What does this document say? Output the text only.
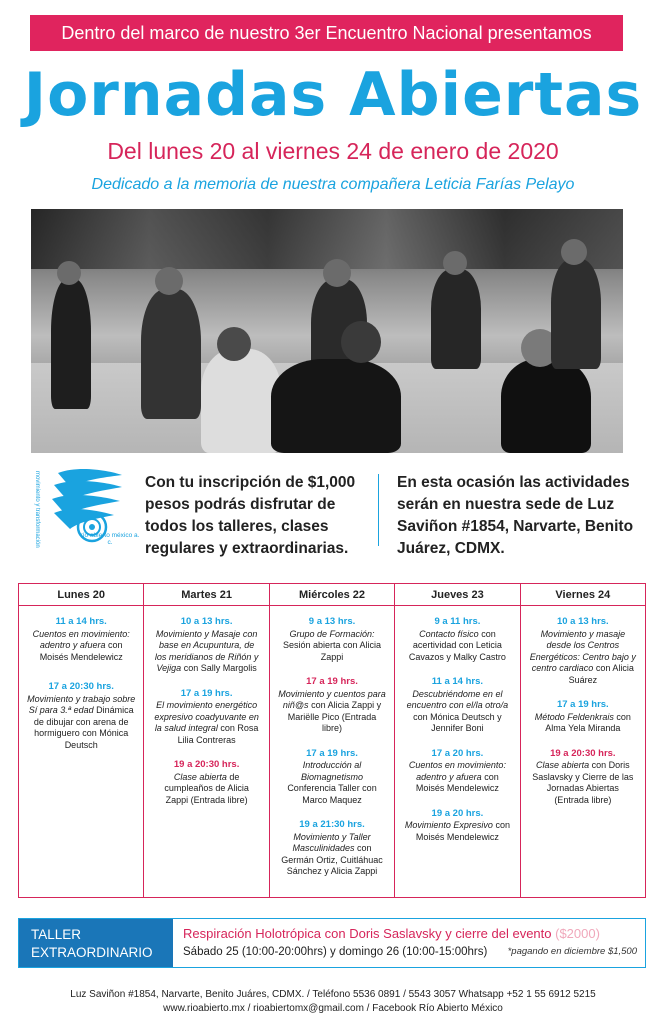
Dentro del marco de nuestro 3er Encuentro Nacional presentamos
Jornadas Abiertas
Del lunes 20 al viernes 24 de enero de 2020
Dedicado a la memoria de nuestra compañera Leticia Farías Pelayo
movimiento y transformación	río abierto méxico a. c.
Con tu inscripción de $1,000 pesos podrás disfrutar de todos los talleres, clases regulares y extraordinarias.
En esta ocasión las actividades serán en nuestra sede de Luz Saviñon #1854, Narvarte, Benito Juárez, CDMX.
Lunes 20
11 a 14 hrs.
Cuentos en movimiento: adentro y afuera con Moisés Mendelewicz
17 a 20:30 hrs.
Movimiento y trabajo sobre Sí para 3.ª edad Dinámica de dibujar con arena de hormiguero con Mónica Deutsch
Martes 21
10 a 13 hrs.
Movimiento y Masaje con base en Acupuntura, de los meridianos de Riñón y Vejiga con Sally Margolis
17 a 19 hrs.
El movimiento energético expresivo coadyuvante en la salud integral con Rosa Lilia Contreras
19 a 20:30 hrs.
Clase abierta de cumpleaños de Alicia Zappi (Entrada libre)
Miércoles 22
9 a 13 hrs.
Grupo de Formación: Sesión abierta con Alicia Zappi
17 a 19 hrs.
Movimiento y cuentos para niñ@s con Alicia Zappi y Mariëlle Pico (Entrada libre)
17 a 19 hrs.
Introducción al Biomagnetismo Conferencia Taller con Marco Maquez
19 a 21:30 hrs.
Movimiento y Taller Masculinidades con Germán Ortiz, Cuitláhuac Sánchez y Alicia Zappi
Jueves 23
9 a 11 hrs.
Contacto físico con acertividad con Leticia Cavazos y Malky Castro
11 a 14 hrs.
Descubriéndome en el encuentro con el/la otro/a con Mónica Deutsch y Jennifer Boni
17 a 20 hrs.
Cuentos en movimiento: adentro y afuera con Moisés Mendelewicz
19 a 20 hrs.
Movimiento Expresivo con Moisés Mendelewicz
Viernes 24
10 a 13 hrs.
Movimiento y masaje desde los Centros Energéticos: Centro bajo y centro cardiaco con Alicia Suárez
17 a 19 hrs.
Método Feldenkrais con Alma Yela Miranda
19 a 20:30 hrs.
Clase abierta con Doris Saslavsky y Cierre de las Jornadas Abiertas (Entrada libre)
TALLER
EXTRAORDINARIO
Respiración Holotrópica con Doris Saslavsky y cierre del evento ($2000)
Sábado 25 (10:00-20:00hrs) y domingo 26 (10:00-15:00hrs) *pagando en diciembre $1,500
Luz Saviñon #1854, Narvarte, Benito Juáres, CDMX. / Teléfono 5536 0891 / 5543 3057 Whatsapp +52 1 55 6912 5215
www.rioabierto.mx / rioabiertomx@gmail.com / Facebook Río Abierto México
